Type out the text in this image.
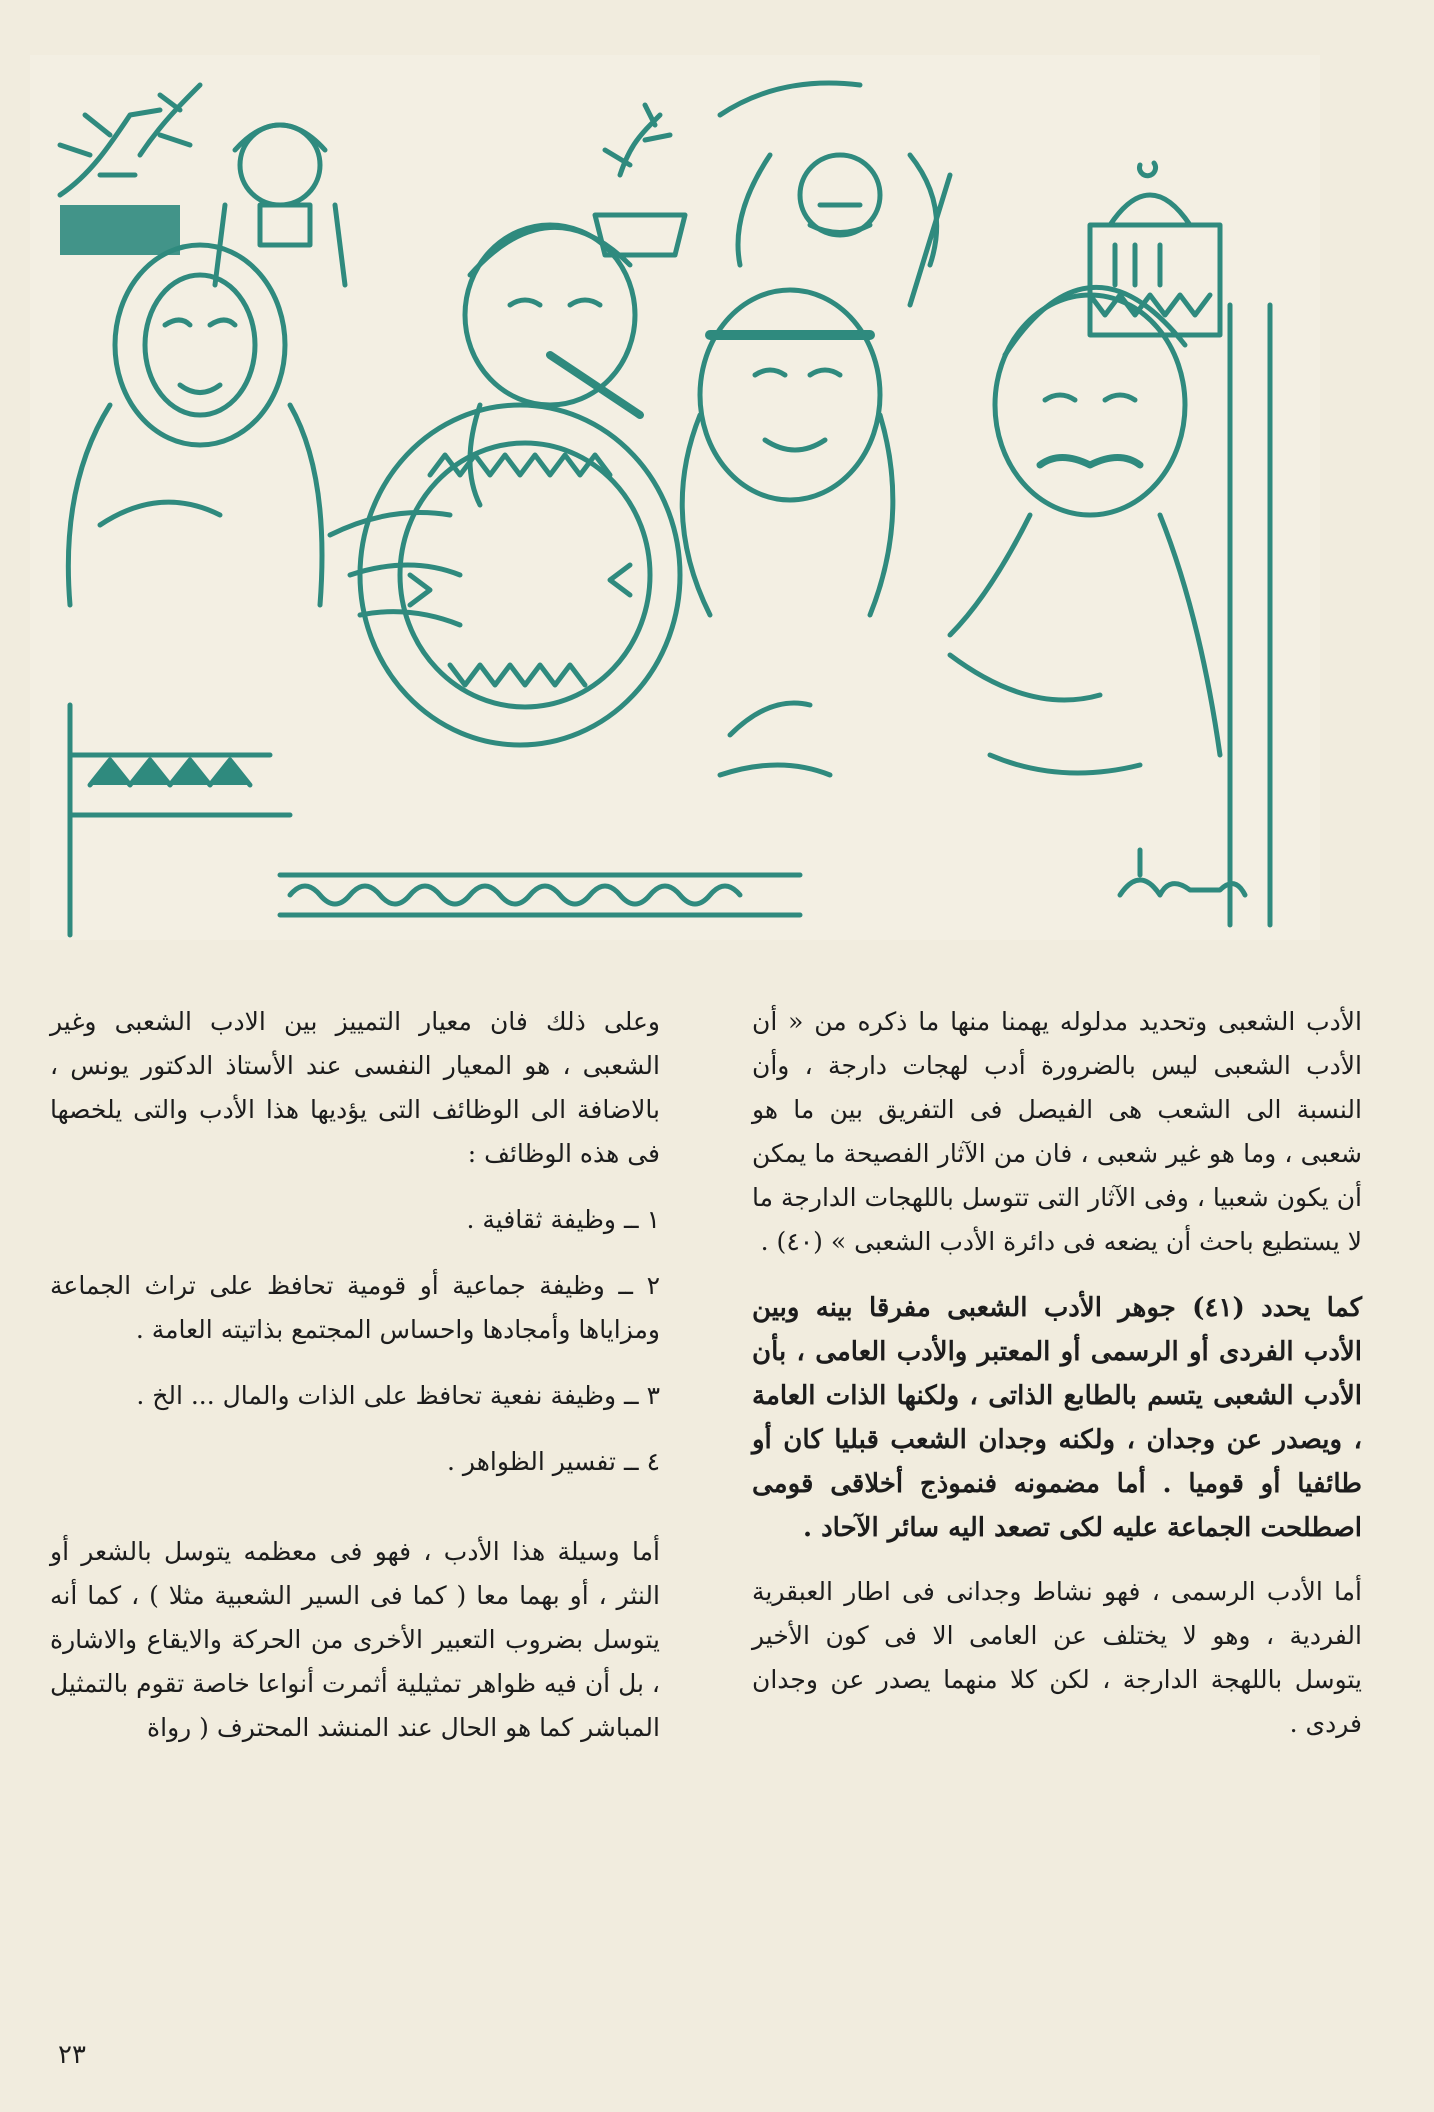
الأدب الشعبى وتحديد مدلوله يهمنا منها ما ذكره من « أن الأدب الشعبى ليس بالضرورة أدب لهجات دارجة ، وأن النسبة الى الشعب هى الفيصل فى التفريق بين ما هو شعبى ، وما هو غير شعبى ، فان من الآثار الفصيحة ما يمكن أن يكون شعبيا ، وفى الآثار التى تتوسل باللهجات الدارجة ما لا يستطيع باحث أن يضعه فى دائرة الأدب الشعبى » (٤٠) .

كما يحدد (٤١) جوهر الأدب الشعبى مفرقا بينه وبين الأدب الفردى أو الرسمى أو المعتبر والأدب العامى ، بأن الأدب الشعبى يتسم بالطابع الذاتى ، ولكنها الذات العامة ، ويصدر عن وجدان ، ولكنه وجدان الشعب قبليا كان أو طائفيا أو قوميا . أما مضمونه فنموذج أخلاقى قومى اصطلحت الجماعة عليه لكى تصعد اليه سائر الآحاد .

أما الأدب الرسمى ، فهو نشاط وجدانى فى اطار العبقرية الفردية ، وهو لا يختلف عن العامى الا فى كون الأخير يتوسل باللهجة الدارجة ، لكن كلا منهما يصدر عن وجدان فردى .

وعلى ذلك فان معيار التمييز بين الادب الشعبى وغير الشعبى ، هو المعيار النفسى عند الأستاذ الدكتور يونس ، بالاضافة الى الوظائف التى يؤديها هذا الأدب والتى يلخصها فى هذه الوظائف :

١ ــ وظيفة ثقافية .

٢ ــ وظيفة جماعية أو قومية تحافظ على تراث الجماعة ومزاياها وأمجادها واحساس المجتمع بذاتيته العامة .

٣ ــ وظيفة نفعية تحافظ على الذات والمال ... الخ .

٤ ــ تفسير الظواهر .

أما وسيلة هذا الأدب ، فهو فى معظمه يتوسل بالشعر أو النثر ، أو بهما معا ( كما فى السير الشعبية مثلا ) ، كما أنه يتوسل بضروب التعبير الأخرى من الحركة والايقاع والاشارة ، بل أن فيه ظواهر تمثيلية أثمرت أنواعا خاصة تقوم بالتمثيل المباشر كما هو الحال عند المنشد المحترف ( رواة

٢٣
